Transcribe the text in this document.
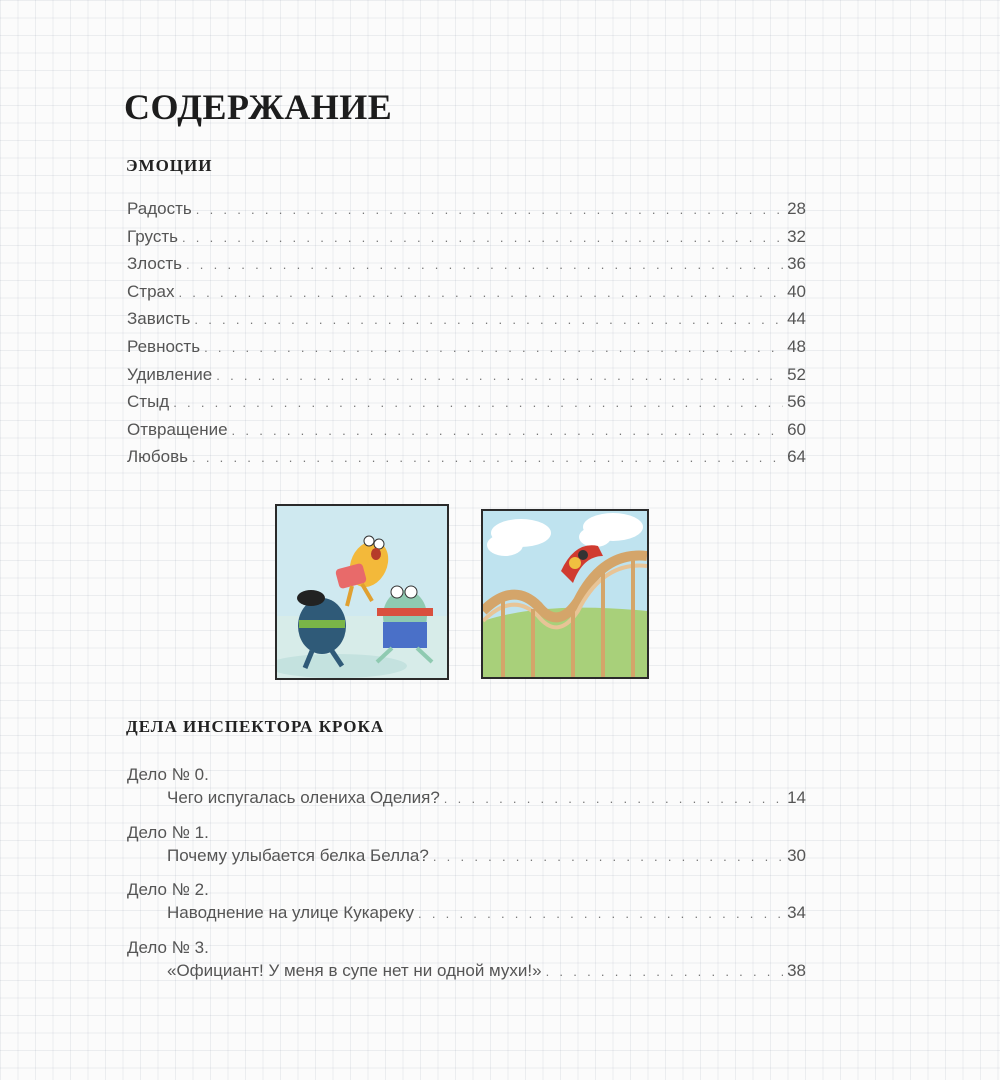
СОДЕРЖАНИЕ
ЭМОЦИИ
Радость . . .	28
Грусть . . .	32
Злость . . .	36
Страх . . .	40
Зависть . . .	44
Ревность . . .	48
Удивление . . .	52
Стыд . . .	56
Отвращение . . .	60
Любовь . . .	64
ДЕЛА ИНСПЕКТОРА КРОКА
Дело № 0.
Чего испугалась олениха Оделия? . . .	14
Дело № 1.
Почему улыбается белка Белла? . . .	30
Дело № 2.
Наводнение на улице Кукареку . . .	34
Дело № 3.
«Официант! У меня в супе нет ни одной мухи!» . . .	38
